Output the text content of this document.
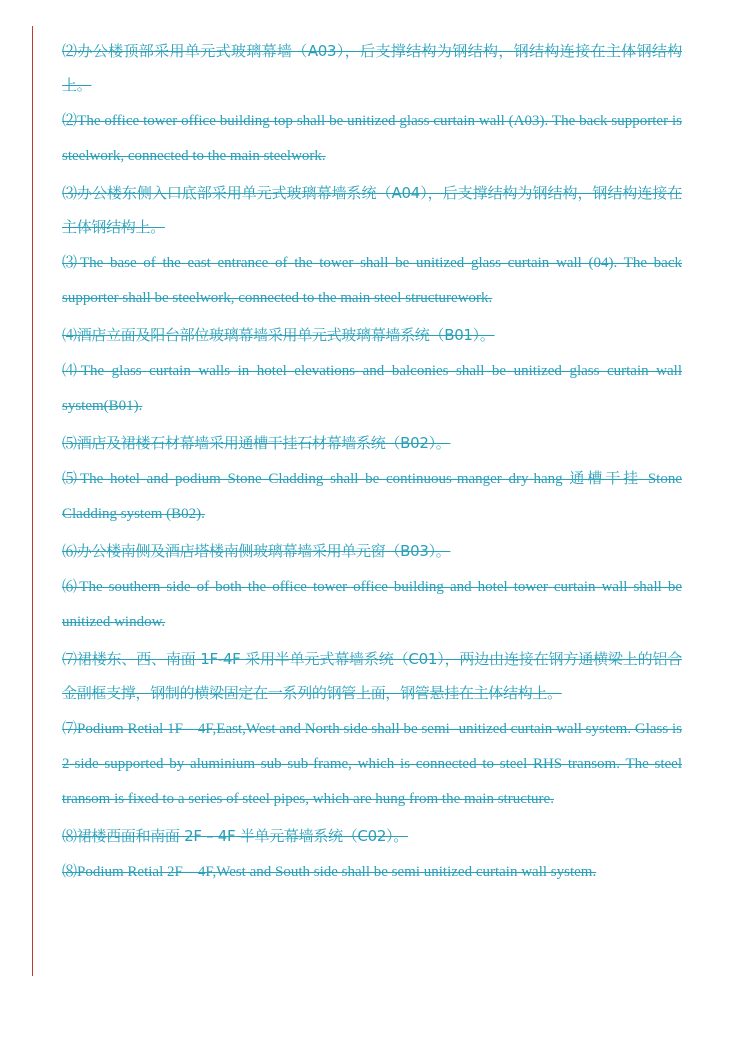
⑵办公楼顶部采用单元式玻璃幕墙（A03），后支撑结构为钢结构，钢结构连接在主体钢结构上。

⑵The office tower office building top shall be unitized glass curtain wall (A03). The back supporter is steelwork, connected to the main steelwork.

⑶办公楼东侧入口底部采用单元式玻璃幕墙系统（A04），后支撑结构为钢结构，钢结构连接在主体钢结构上。

⑶The base of the east entrance of the tower shall be unitized glass curtain wall (04). The back supporter shall be steelwork, connected to the main steel structurework.

⑷酒店立面及阳台部位玻璃幕墙采用单元式玻璃幕墙系统（B01）。

⑷The glass curtain walls in hotel elevations and balconies shall be unitized glass curtain wall system(B01).

⑸酒店及裙楼石材幕墙采用通槽干挂石材幕墙系统（B02）。

⑸The hotel and podium Stone Cladding shall be continuous-manger dry-hang 通槽干挂 Stone Cladding system (B02).

⑹办公楼南侧及酒店塔楼南侧玻璃幕墙采用单元窗（B03）。

⑹The southern side of both the office tower office building and hotel tower curtain wall shall be unitized window.

⑺裙楼东、西、南面 1F-4F 采用半单元式幕墙系统（C01），两边由连接在钢方通横梁上的铝合金副框支撑，钢制的横梁固定在一系列的钢管上面，钢管悬挂在主体结构上。

⑺Podium Retial 1F—4F,East,West and North side shall be semi -unitized curtain wall system. Glass is 2-side supported by aluminium sub sub-frame, which is connected to steel RHS transom. The steel transom is fixed to a series of steel pipes, which are hung from the main structure.

⑻裙楼西面和南面 2F – 4F 半单元幕墙系统（C02）。

⑻Podium Retial 2F—4F,West and South side shall be semi unitized curtain wall system.
